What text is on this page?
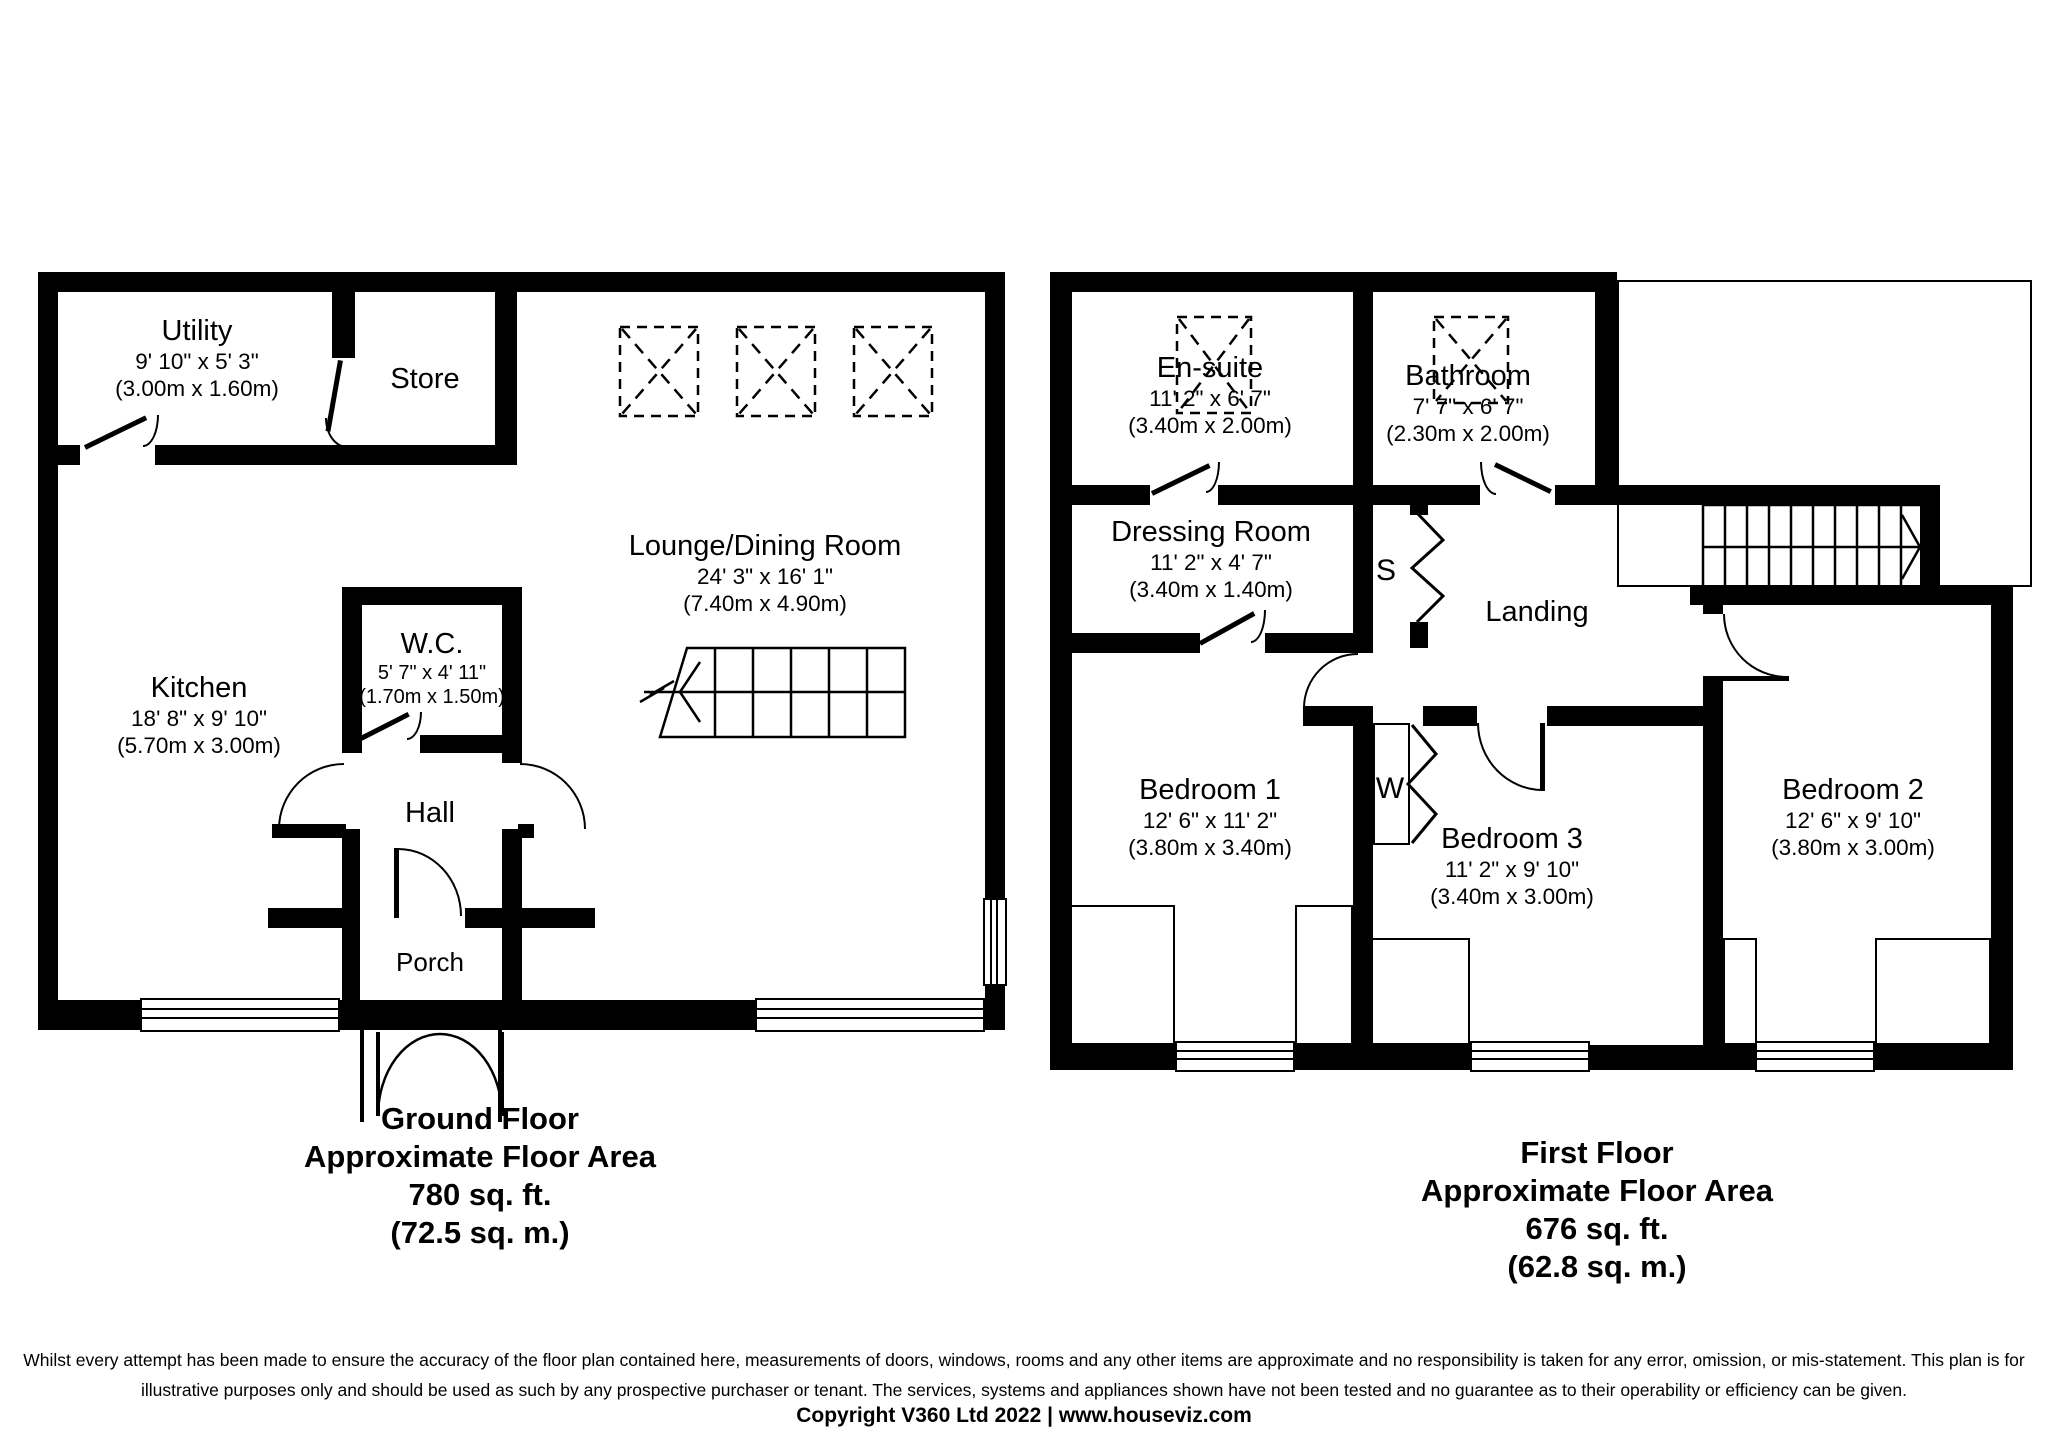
Utility
9' 10" x 5' 3"
(3.00m x 1.60m)	Store
Lounge/Dining Room
24' 3" x 16' 1"
(7.40m x 4.90m)
Kitchen
18' 8" x 9' 10"
(5.70m x 3.00m)
W.C.
5' 7" x 4' 11"
(1.70m x 1.50m)
Hall
Porch
En-suite
11' 2" x 6' 7"
(3.40m x 2.00m)
Bathroom
7' 7" x 6' 7"
(2.30m x 2.00m)
Dressing Room
11' 2" x 4' 7"
(3.40m x 1.40m)
Landing
Bedroom 1
12' 6" x 11' 2"
(3.80m x 3.40m)	Bedroom 3
11' 2" x 9' 10"
(3.40m x 3.00m)
Bedroom 2
12' 6" x 9' 10"
(3.80m x 3.00m)
S
W
Ground Floor
Approximate Floor Area
780 sq. ft.
(72.5 sq. m.)
First Floor
Approximate Floor Area
676 sq. ft.
(62.8 sq. m.)
Whilst every attempt has been made to ensure the accuracy of the floor plan contained here, measurements of doors, windows, rooms and any other items are approximate and no responsibility is taken for any error, omission, or mis-statement. This plan is for
illustrative purposes only and should be used as such by any prospective purchaser or tenant. The services, systems and appliances shown have not been tested and no guarantee as to their operability or efficiency can be given.
Copyright V360 Ltd 2022 | www.houseviz.com
